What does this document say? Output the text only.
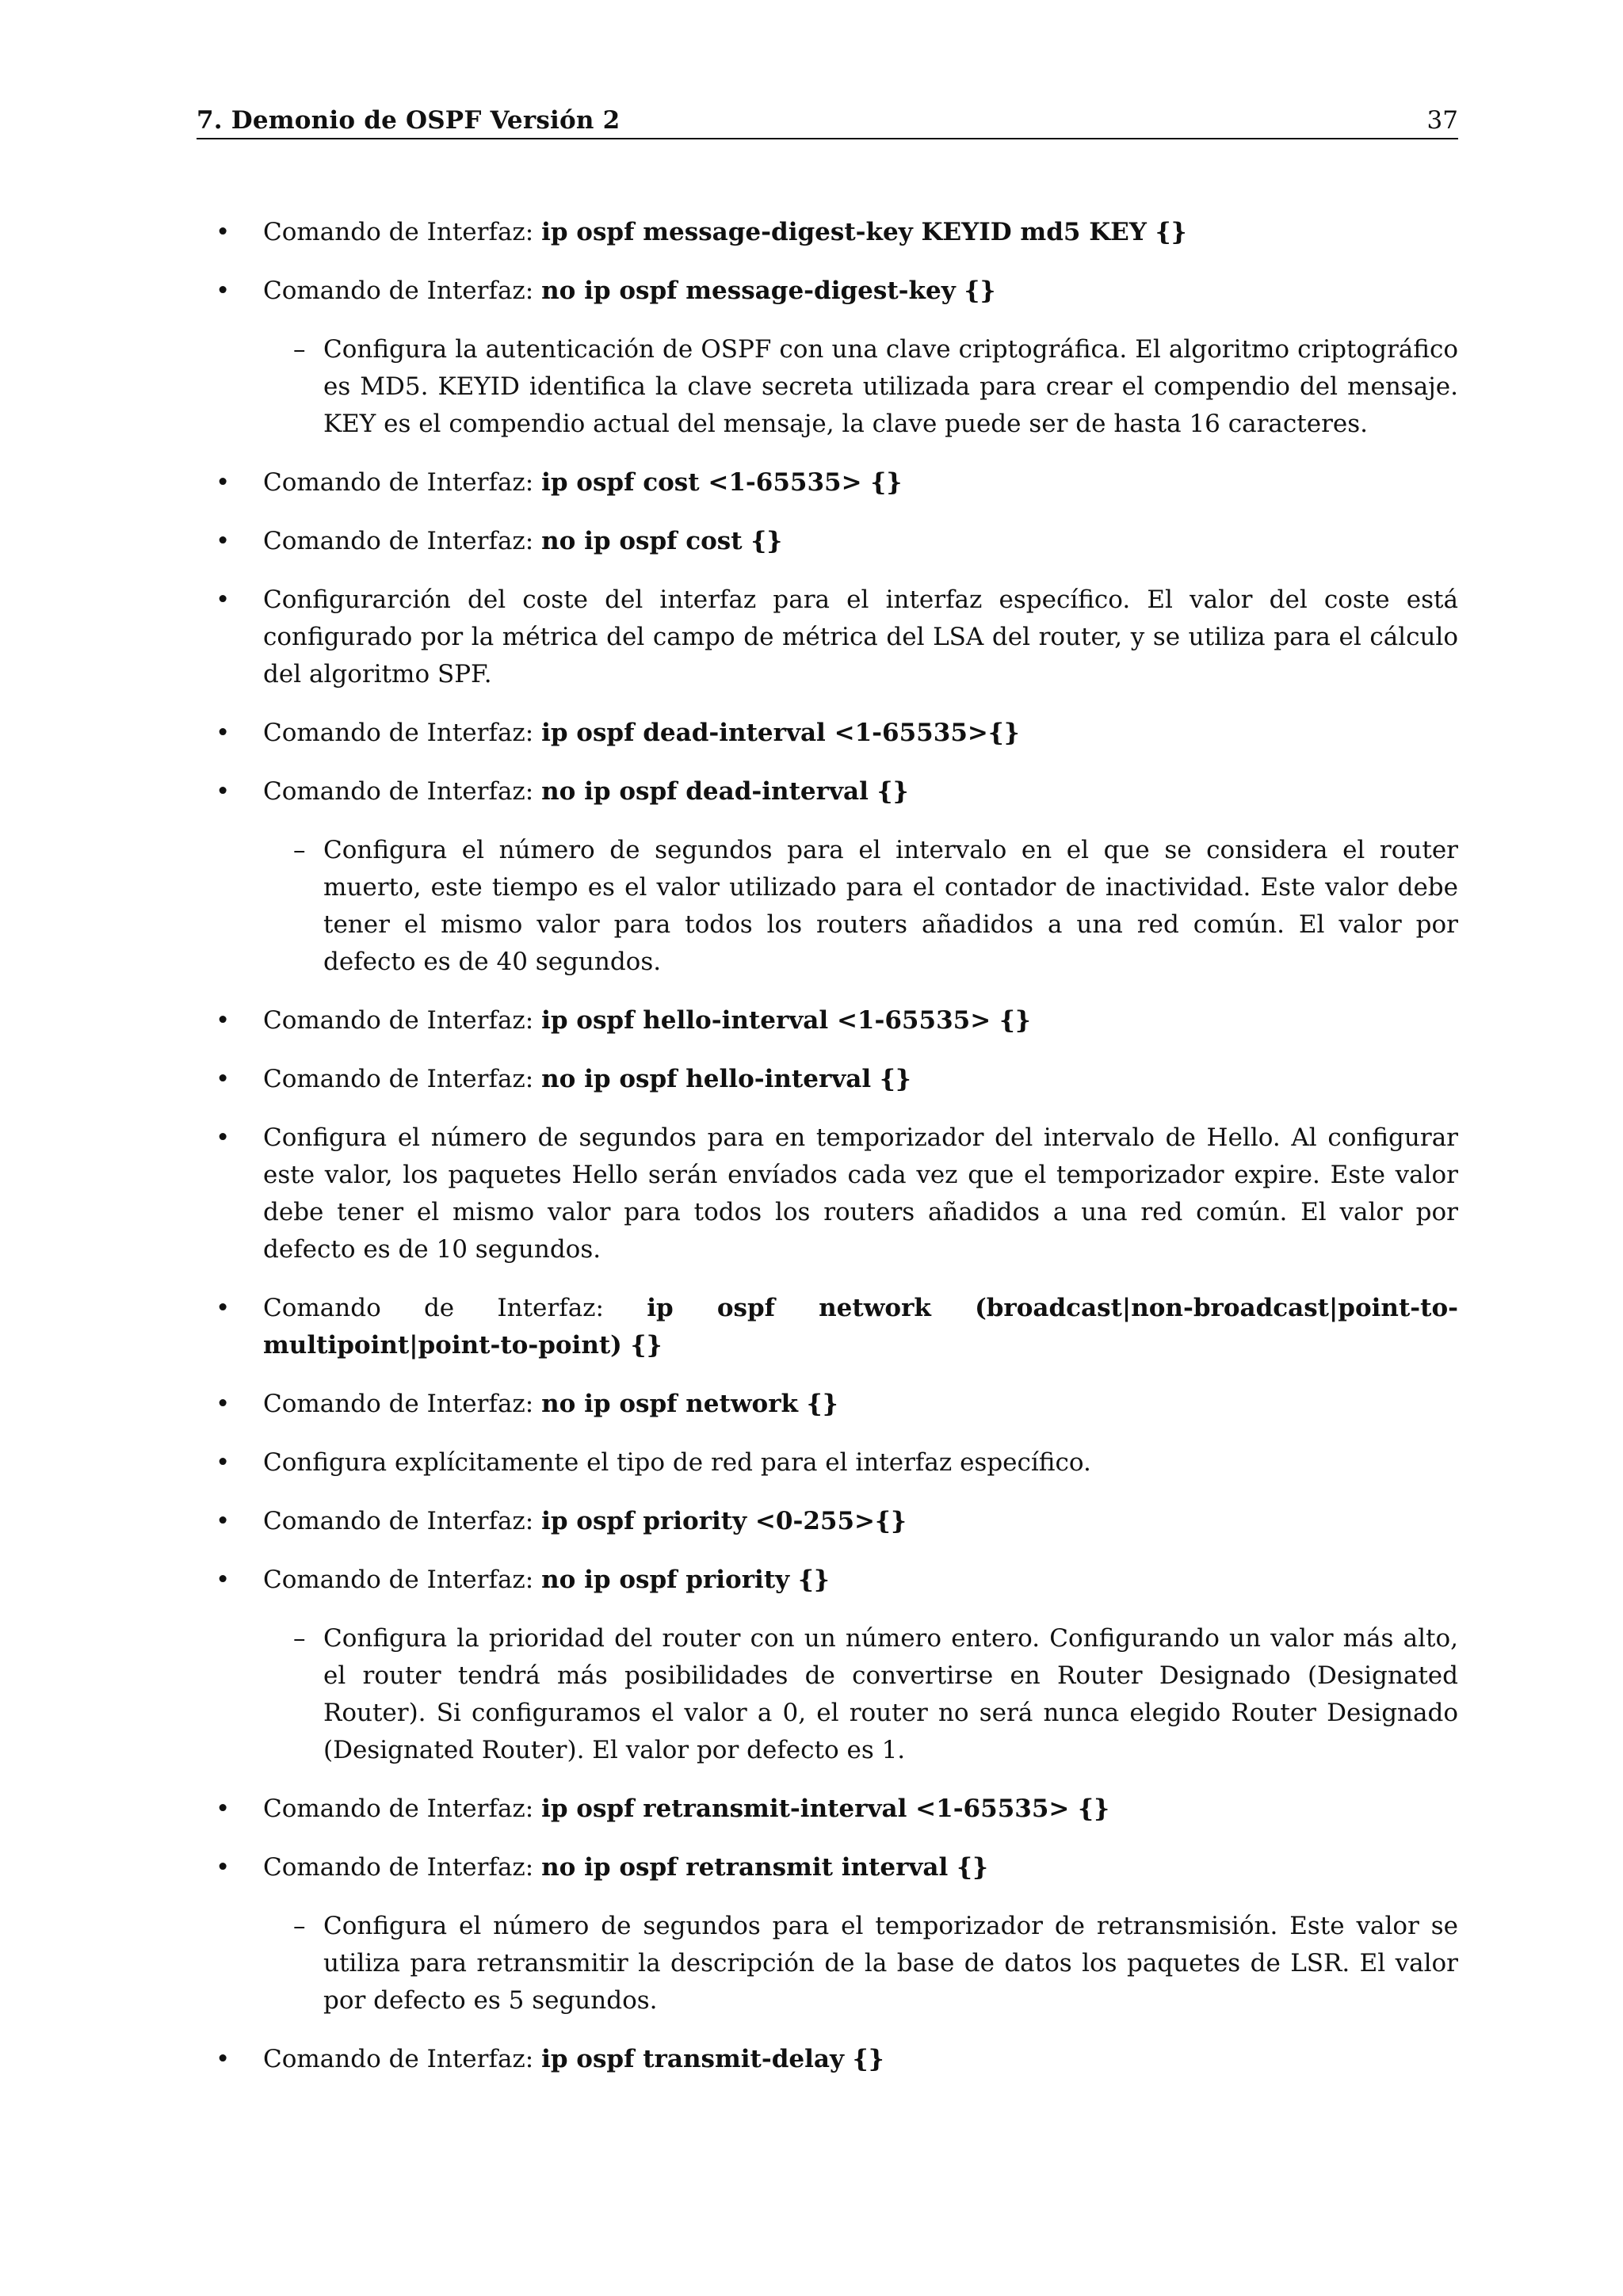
7. Demonio de OSPF Versión 2	37
• Comando de Interfaz: ip ospf message-digest-key KEYID md5 KEY {}
• Comando de Interfaz: no ip ospf message-digest-key {}
– Configura la autenticación de OSPF con una clave criptográfica. El algoritmo criptográfico es MD5. KEYID identifica la clave secreta utilizada para crear el compendio del mensaje. KEY es el compendio actual del mensaje, la clave puede ser de hasta 16 caracteres.
• Comando de Interfaz: ip ospf cost <1-65535> {}
• Comando de Interfaz: no ip ospf cost {}
• Configurarción del coste del interfaz para el interfaz específico. El valor del coste está configurado por la métrica del campo de métrica del LSA del router, y se utiliza para el cálculo del algoritmo SPF.
• Comando de Interfaz: ip ospf dead-interval <1-65535>{}
• Comando de Interfaz: no ip ospf dead-interval {}
– Configura el número de segundos para el intervalo en el que se considera el router muerto, este tiempo es el valor utilizado para el contador de inactividad. Este valor debe tener el mismo valor para todos los routers añadidos a una red común. El valor por defecto es de 40 segundos.
• Comando de Interfaz: ip ospf hello-interval <1-65535> {}
• Comando de Interfaz: no ip ospf hello-interval {}
• Configura el número de segundos para en temporizador del intervalo de Hello. Al configurar este valor, los paquetes Hello serán envíados cada vez que el temporizador expire. Este valor debe tener el mismo valor para todos los routers añadidos a una red común. El valor por defecto es de 10 segundos.
• Comando de Interfaz: ip ospf network (broadcast|non-broadcast|point-to-multipoint|point-to-point) {}
• Comando de Interfaz: no ip ospf network {}
• Configura explícitamente el tipo de red para el interfaz específico.
• Comando de Interfaz: ip ospf priority <0-255>{}
• Comando de Interfaz: no ip ospf priority {}
– Configura la prioridad del router con un número entero. Configurando un valor más alto, el router tendrá más posibilidades de convertirse en Router Designado (Designated Router). Si configuramos el valor a 0, el router no será nunca elegido Router Designado (Designated Router). El valor por defecto es 1.
• Comando de Interfaz: ip ospf retransmit-interval <1-65535> {}
• Comando de Interfaz: no ip ospf retransmit interval {}
– Configura el número de segundos para el temporizador de retransmisión. Este valor se utiliza para retransmitir la descripción de la base de datos los paquetes de LSR. El valor por defecto es 5 segundos.
• Comando de Interfaz: ip ospf transmit-delay {}
